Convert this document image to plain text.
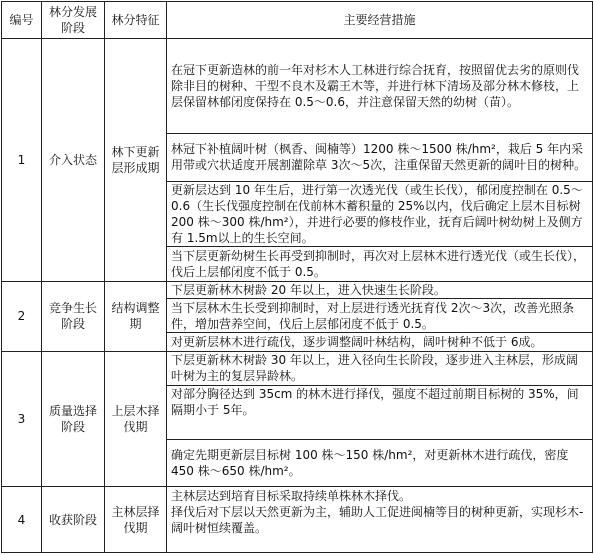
编号	林分发展阶段	林分特征	主要经营措施
1	介入状态	林下更新层形成期	在冠下更新造林的前一年对杉木人工林进行综合抚育，按照留优去劣的原则伐除非目的树种、干型不良木及霸王木等，并进行林下清场及部分林木修枝，上层保留林郁闭度保持在 0.5～0.6，并注意保留天然的幼树（苗）。
			林冠下补植阔叶树（枫香、闽楠等）1200 株～1500 株/hm²，栽后 5 年内采用带或穴状适度开展割灌除草 3次～5次，注重保留天然更新的阔叶目的树种。
			更新层达到 10 年生后，进行第一次透光伐（或生长伐），郁闭度控制在 0.5～0.6（生长伐强度控制在伐前林木蓄积量的 25%以内，伐后确定上层木目标树 200 株～300 株/hm²），并进行必要的修枝作业，抚育后阔叶树幼树上及侧方有 1.5m以上的生长空间。
			当下层更新幼树生长再受到抑制时，再次对上层林木进行透光伐（或生长伐），伐后上层郁闭度不低于 0.5。
2	竞争生长阶段	结构调整期	下层更新林木树龄 20 年以上，进入快速生长阶段。
			当下层林木生长受到抑制时，对上层进行透光抚育伐 2次～3次，改善光照条件，增加营养空间，伐后上层郁闭度不低于 0.5。
			对更新层林木进行疏伐，逐步调整阔叶林结构，阔叶树种不低于 6成。
3	质量选择阶段	上层木择伐期	下层更新林木树龄 30 年以上，进入径向生长阶段，逐步进入主林层，形成阔叶树为主的复层异龄林。
			对部分胸径达到 35cm 的林木进行择伐，强度不超过前期目标树的 35%，间隔期小于 5年。
			确定先期更新层目标树 100 株～150 株/hm²，对更新林木进行疏伐，密度 450 株～650 株/hm²。
4	收获阶段	主林层择伐期	主林层达到培育目标采取持续单株林木择伐。
			择伐后对下层以天然更新为主，辅助人工促进闽楠等目的树种更新，实现杉木-阔叶树恒续覆盖。
